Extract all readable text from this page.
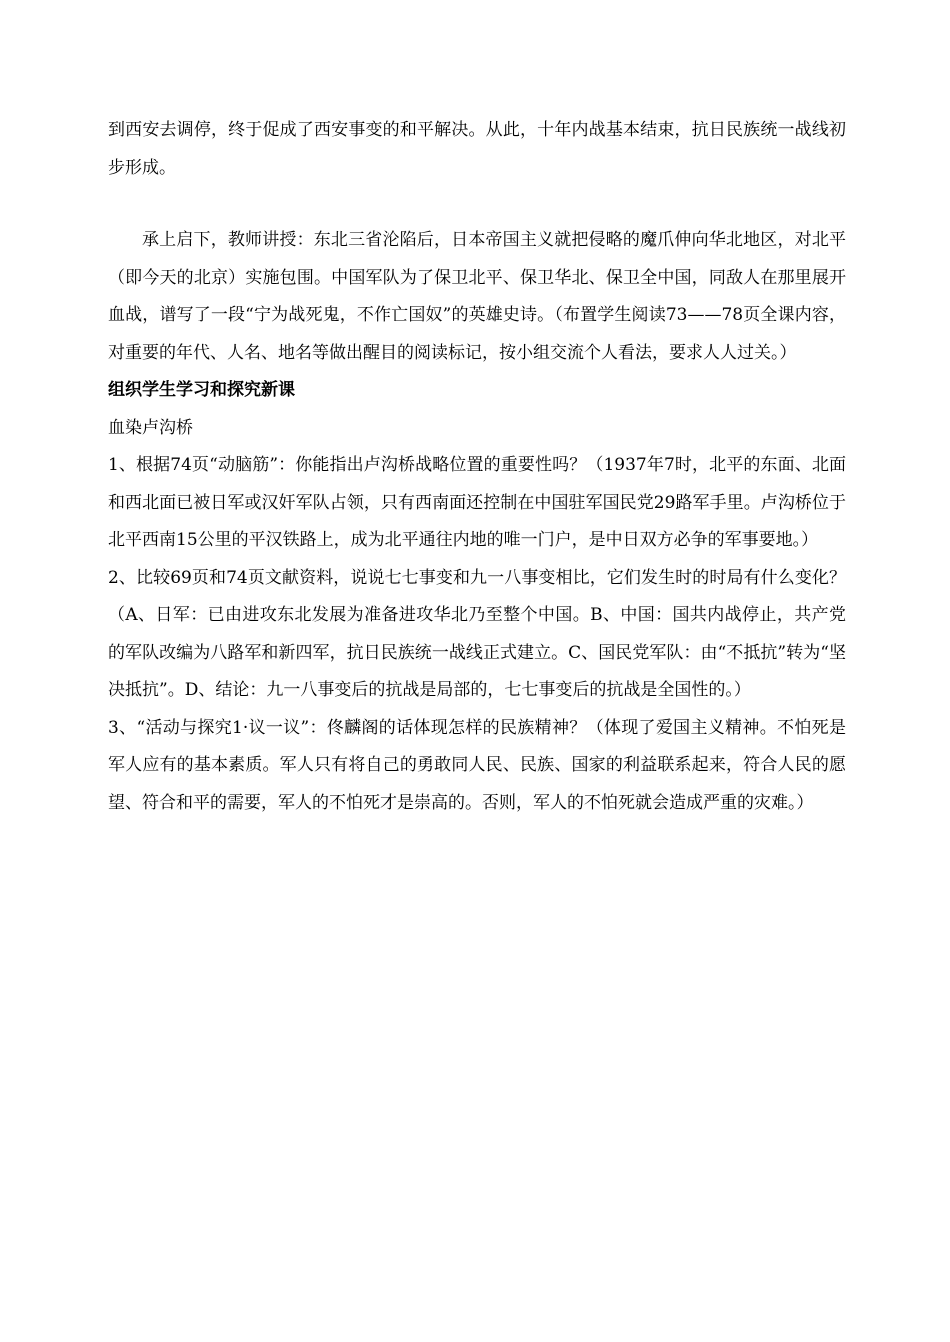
到西安去调停，终于促成了西安事变的和平解决。从此，十年内战基本结束，抗日民族统一战线初步形成。

承上启下，教师讲授：东北三省沦陷后，日本帝国主义就把侵略的魔爪伸向华北地区，对北平（即今天的北京）实施包围。中国军队为了保卫北平、保卫华北、保卫全中国，同敌人在那里展开血战，谱写了一段“宁为战死鬼，不作亡国奴”的英雄史诗。（布置学生阅读73——78页全课内容，对重要的年代、人名、地名等做出醒目的阅读标记，按小组交流个人看法，要求人人过关。）

组织学生学习和探究新课

血染卢沟桥

1、根据74页“动脑筋”：你能指出卢沟桥战略位置的重要性吗？（1937年7时，北平的东面、北面和西北面已被日军或汉奸军队占领，只有西南面还控制在中国驻军国民党29路军手里。卢沟桥位于北平西南15公里的平汉铁路上，成为北平通往内地的唯一门户，是中日双方必争的军事要地。）

2、比较69页和74页文献资料，说说七七事变和九一八事变相比，它们发生时的时局有什么变化？（A、日军：已由进攻东北发展为准备进攻华北乃至整个中国。B、中国：国共内战停止，共产党的军队改编为八路军和新四军，抗日民族统一战线正式建立。C、国民党军队：由“不抵抗”转为“坚决抵抗”。D、结论：九一八事变后的抗战是局部的，七七事变后的抗战是全国性的。）

3、“活动与探究1·议一议”：佟麟阁的话体现怎样的民族精神？（体现了爱国主义精神。不怕死是军人应有的基本素质。军人只有将自己的勇敢同人民、民族、国家的利益联系起来，符合人民的愿望、符合和平的需要，军人的不怕死才是崇高的。否则，军人的不怕死就会造成严重的灾难。）
